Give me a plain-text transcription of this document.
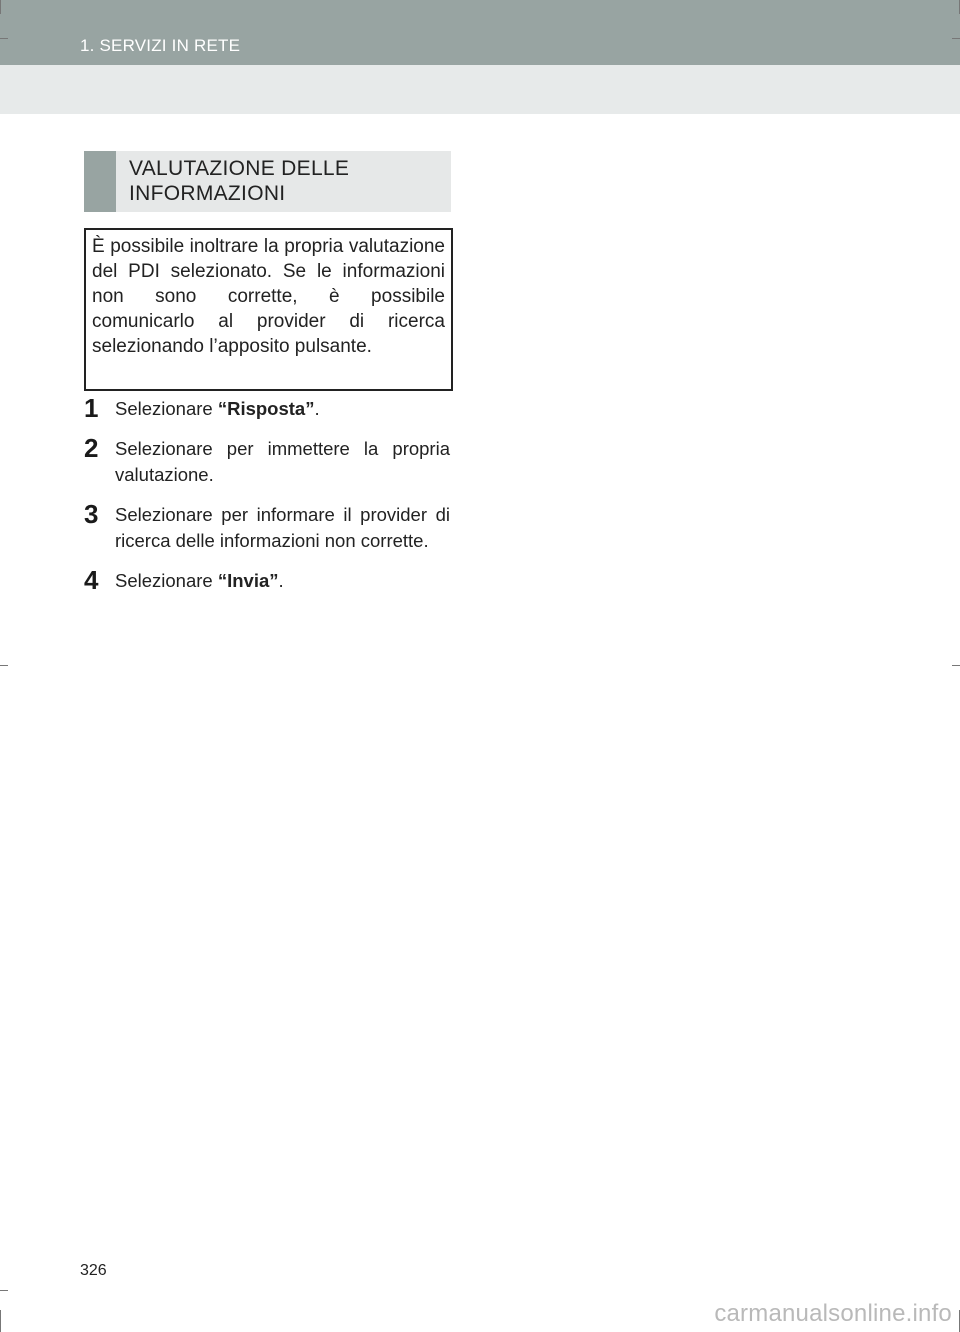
1. SERVIZI IN RETE
VALUTAZIONE DELLE
INFORMAZIONI
È possibile inoltrare la propria valutazione del PDI selezionato. Se le informazioni non sono corrette, è possibile comunicarlo al provider di ricerca selezionando l’apposito pulsante.
1 Selezionare “Risposta”.
2 Selezionare per immettere la propria valutazione.
3 Selezionare per informare il provider di ricerca delle informazioni non corrette.
4 Selezionare “Invia”.
326
carmanualsonline.info
